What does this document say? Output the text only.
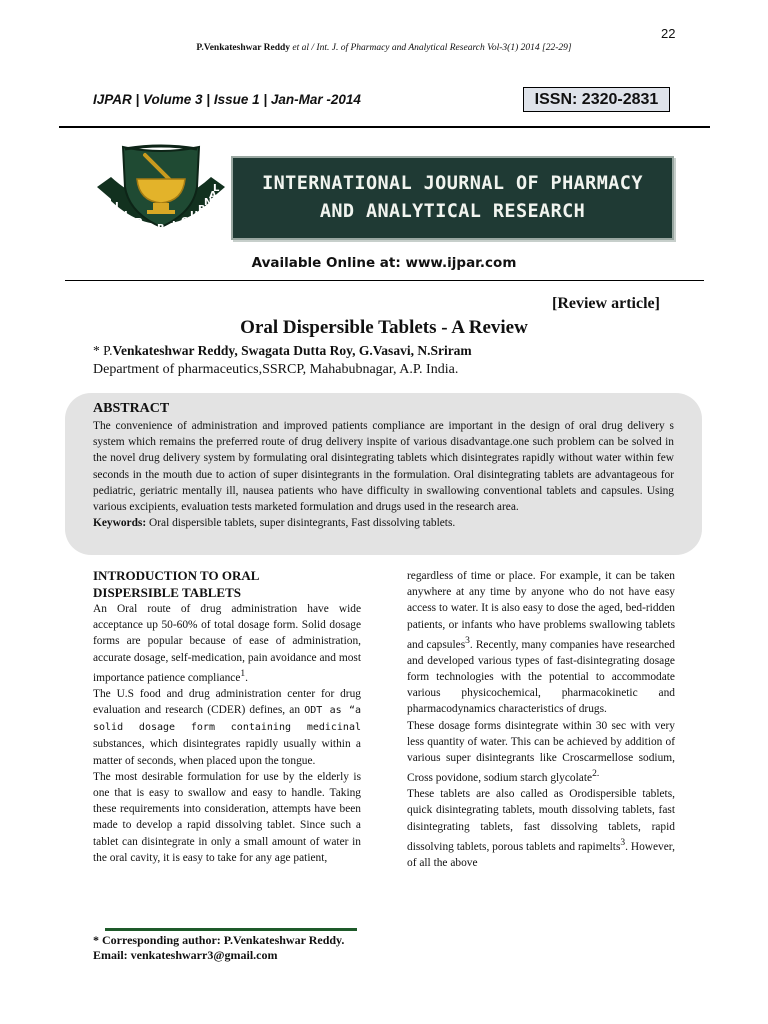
22
P.Venkateshwar Reddy et al / Int. J. of Pharmacy and Analytical Research Vol-3(1) 2014 [22-29]
IJPAR | Volume 3 | Issue 1 | Jan-Mar -2014	ISSN: 2320-2831
I
J
P A R J O
U
R
N
A
L INTERNATIONAL JOURNAL OF PHARMACY
AND ANALYTICAL RESEARCH
Available Online at: www.ijpar.com
[Review article]
Oral Dispersible Tablets - A Review
* P.Venkateshwar Reddy, Swagata Dutta Roy, G.Vasavi, N.Sriram
Department of pharmaceutics,SSRCP, Mahabubnagar, A.P. India.

ABSTRACT

The convenience of administration and improved patients compliance are important in the design of oral drug delivery s system which remains the preferred route of drug delivery inspite of various disadvantage.one such problem can be solved in the novel drug delivery system by formulating oral disintegrating tablets which disintegrates rapidly without water within few seconds in the mouth due to action of super disintegrants in the formulation. Oral disintegrating tablets are advantageous for pediatric, geriatric mentally ill, nausea patients who have difficulty in swallowing conventional tablets and capsules. Using various excipients, evaluation tests marketed formulation and drugs used in the research area.

Keywords: Oral dispersible tablets, super disintegrants, Fast dissolving tablets.

INTRODUCTION TO ORAL
DISPERSIBLE TABLETS

An Oral route of drug administration have wide acceptance up 50-60% of total dosage form. Solid dosage forms are popular because of ease of administration, accurate dosage, self-medication, pain avoidance and most importance patience compliance$^1$.

The U.S food and drug administration center for drug evaluation and research (CDER) defines, an ODT as “a solid dosage form containing medicinal substances, which disintegrates rapidly usually within a matter of seconds, when placed upon the tongue.

The most desirable formulation for use by the elderly is one that is easy to swallow and easy to handle. Taking these requirements into consideration, attempts have been made to develop a rapid dissolving tablet. Since such a tablet can disintegrate in only a small amount of water in the oral cavity, it is easy to take for any age patient,

regardless of time or place. For example, it can be taken anywhere at any time by anyone who do not have easy access to water. It is also easy to dose the aged, bed-ridden patients, or infants who have problems swallowing tablets and capsules$^3$. Recently, many companies have researched and developed various types of fast-disintegrating dosage form technologies with the potential to accommodate various physicochemical, pharmacokinetic and pharmacodynamics characteristics of drugs.

These dosage forms disintegrate within 30 sec with very less quantity of water. This can be achieved by addition of various super disintegrants like Croscarmellose sodium, Cross povidone, sodium starch glycolate$^{2.}$

These tablets are also called as Orodispersible tablets, quick disintegrating tablets, mouth dissolving tablets, fast disintegrating tablets, fast dissolving tablets, rapid dissolving tablets, porous tablets and rapimelts$^3$. However, of all the above

* Corresponding author: P.Venkateshwar Reddy.
Email: venkateshwarr3@gmail.com
